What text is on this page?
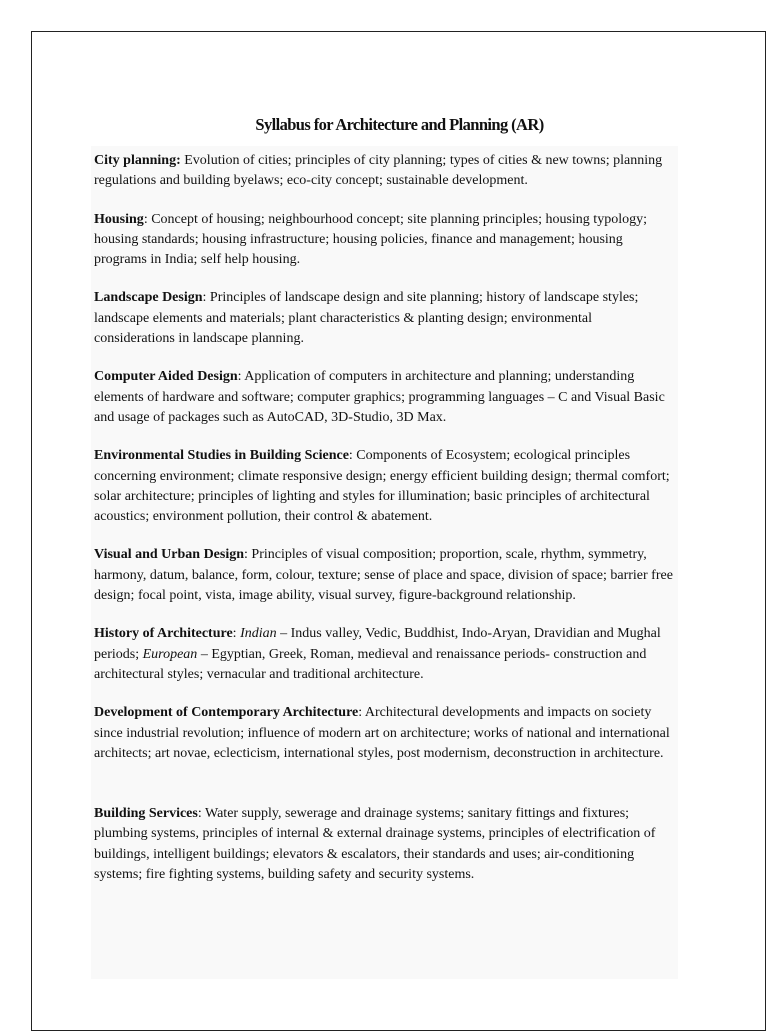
Syllabus for Architecture and Planning (AR)

City planning: Evolution of cities; principles of city planning; types of cities & new towns; planning regulations and building byelaws; eco-city concept; sustainable development.

Housing: Concept of housing; neighbourhood concept; site planning principles; housing typology; housing standards; housing infrastructure; housing policies, finance and management; housing programs in India; self help housing.

Landscape Design: Principles of landscape design and site planning; history of landscape styles; landscape elements and materials; plant characteristics & planting design; environmental considerations in landscape planning.

Computer Aided Design: Application of computers in architecture and planning; understanding elements of hardware and software; computer graphics; programming languages – C and Visual Basic and usage of packages such as AutoCAD, 3D-Studio, 3D Max.

Environmental Studies in Building Science: Components of Ecosystem; ecological principles concerning environment; climate responsive design; energy efficient building design; thermal comfort; solar architecture; principles of lighting and styles for illumination; basic principles of architectural acoustics; environment pollution, their control & abatement.

Visual and Urban Design: Principles of visual composition; proportion, scale, rhythm, symmetry, harmony, datum, balance, form, colour, texture; sense of place and space, division of space; barrier free design; focal point, vista, image ability, visual survey, figure-background relationship.

History of Architecture: Indian – Indus valley, Vedic, Buddhist, Indo-Aryan, Dravidian and Mughal periods; European – Egyptian, Greek, Roman, medieval and renaissance periods- construction and architectural styles; vernacular and traditional architecture.

Development of Contemporary Architecture: Architectural developments and impacts on society since industrial revolution; influence of modern art on architecture; works of national and international architects; art novae, eclecticism, international styles, post modernism, deconstruction in architecture.

Building Services: Water supply, sewerage and drainage systems; sanitary fittings and fixtures; plumbing systems, principles of internal & external drainage systems, principles of electrification of buildings, intelligent buildings; elevators & escalators, their standards and uses; air-conditioning systems; fire fighting systems, building safety and security systems.
